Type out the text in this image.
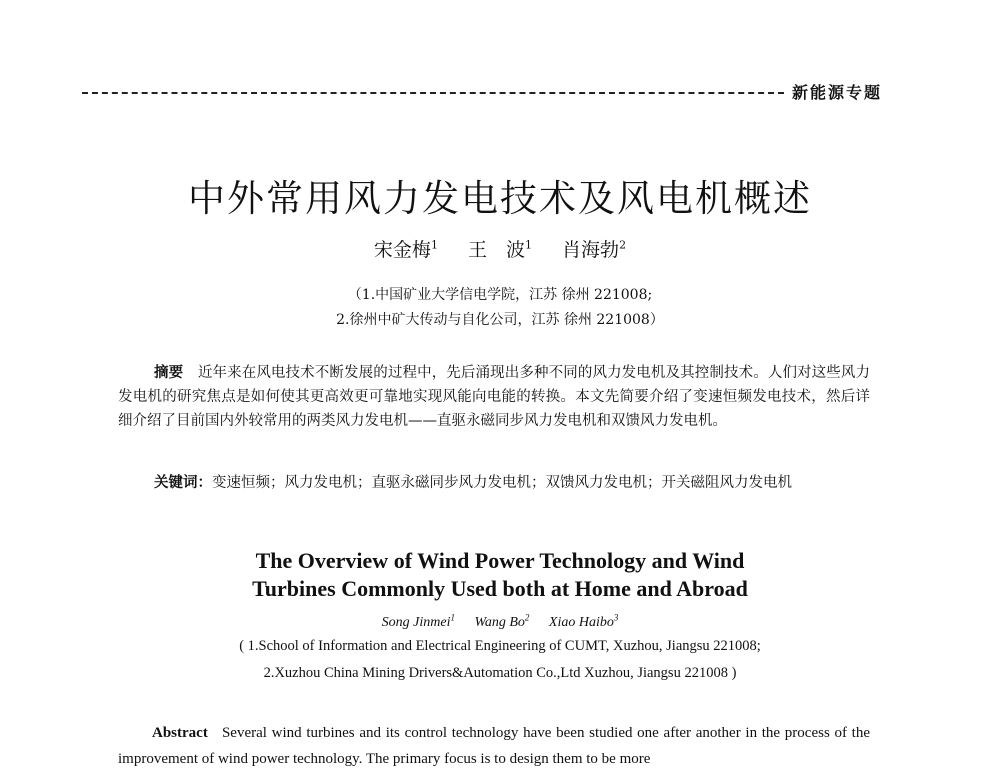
新能源专题
中外常用风力发电技术及风电机概述
宋金梅$^1$ 王　波$^1$ 肖海勃$^2$
（1.中国矿业大学信电学院，江苏 徐州 221008;
2.徐州中矿大传动与自化公司，江苏 徐州 221008）

摘要　 近年来在风电技术不断发展的过程中，先后涌现出多种不同的风力发电机及其控制技术。人们对这些风力发电机的研究焦点是如何使其更高效更可靠地实现风能向电能的转换。本文先简要介绍了变速恒频发电技术，然后详细介绍了目前国内外较常用的两类风力发电机——直驱永磁同步风力发电机和双馈风力发电机。

关键词：变速恒频；风力发电机；直驱永磁同步风力发电机；双馈风力发电机；开关磁阻风力发电机

The Overview of Wind Power Technology and Wind
Turbines Commonly Used both at Home and Abroad
Song Jinmei$^1$ Wang Bo$^2$ Xiao Haibo$^3$
( 1.School of Information and Electrical Engineering of CUMT, Xuzhou, Jiangsu 221008;
2.Xuzhou China Mining Drivers&Automation Co.,Ltd Xuzhou, Jiangsu 221008 )

Abstract Several wind turbines and its control technology have been studied one after another in the process of the improvement of wind power technology. The primary focus is to design them to be more
